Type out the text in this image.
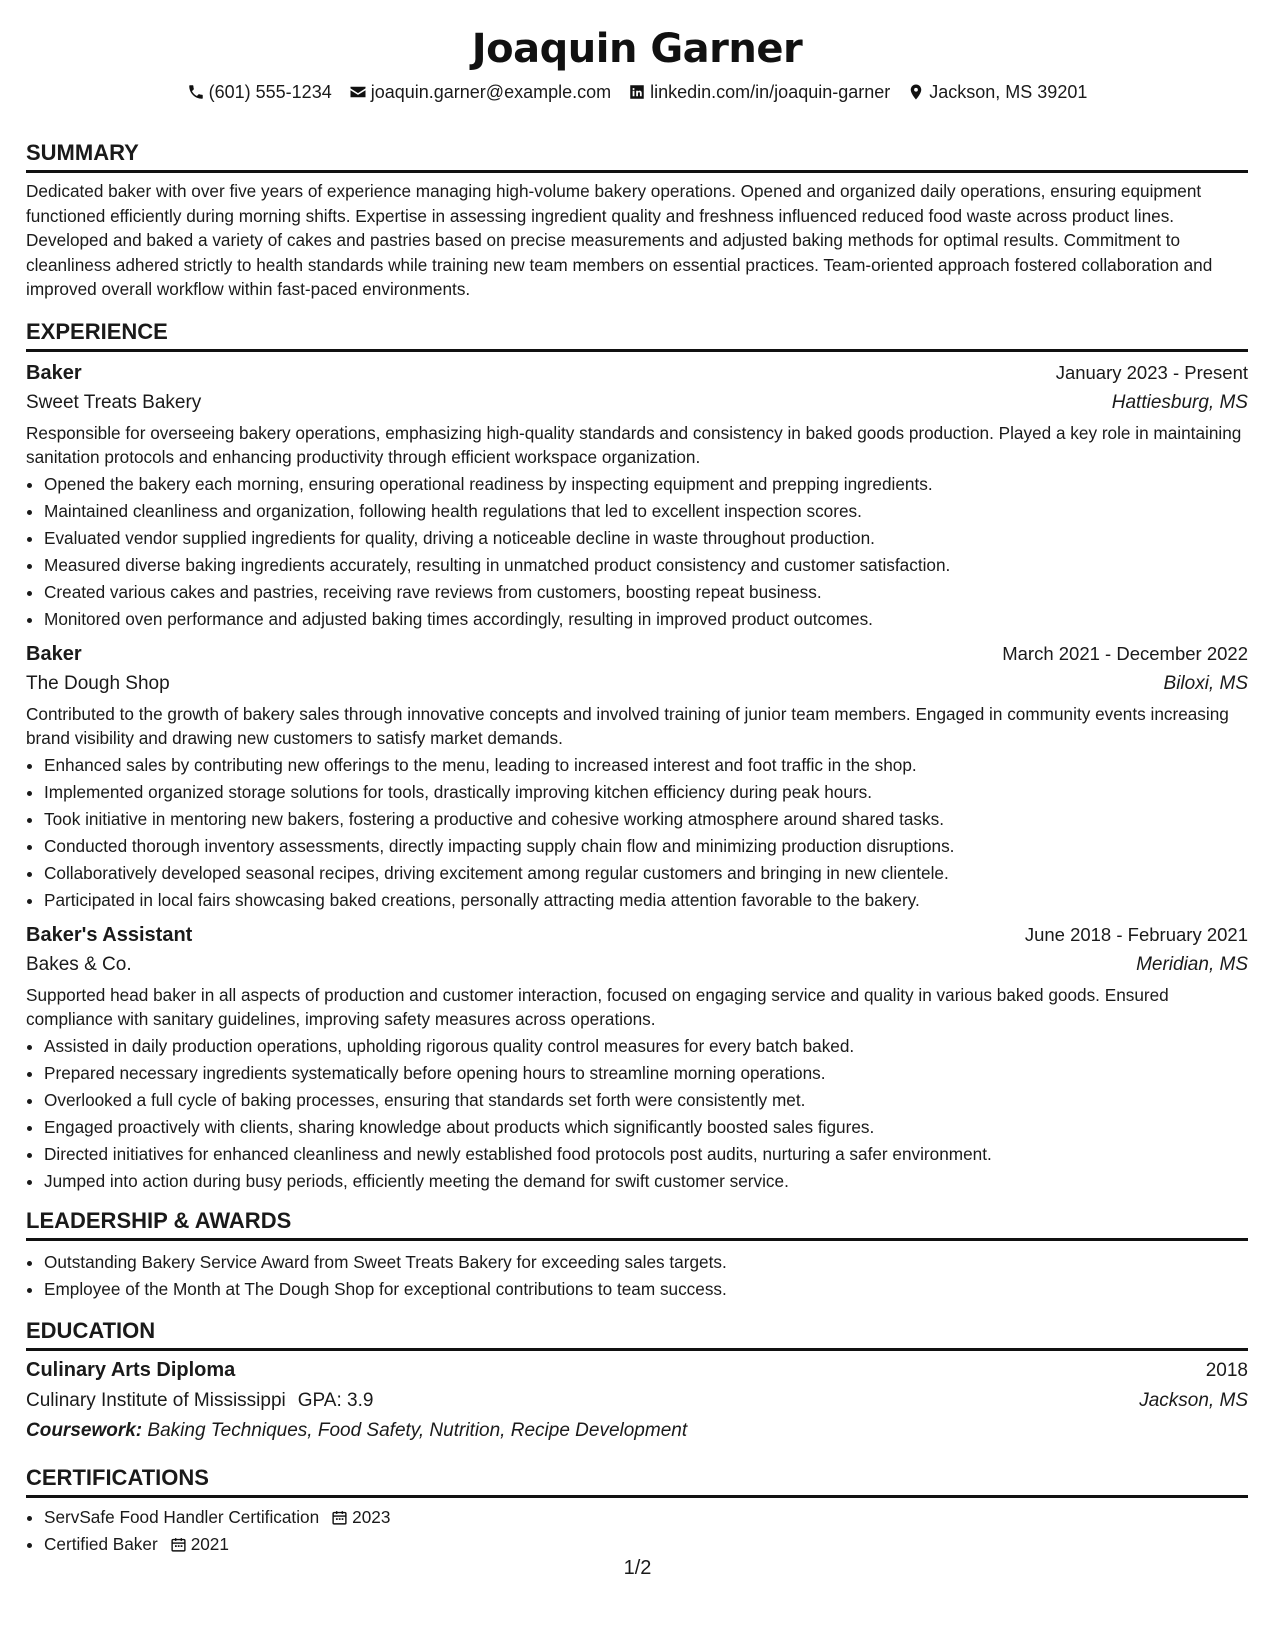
Joaquin Garner
(601) 555-1234 joaquin.garner@example.com linkedin.com/in/joaquin-garner Jackson, MS 39201
SUMMARY
Dedicated baker with over five years of experience managing high-volume bakery operations. Opened and organized daily operations, ensuring equipment functioned efficiently during morning shifts. Expertise in assessing ingredient quality and freshness influenced reduced food waste across product lines. Developed and baked a variety of cakes and pastries based on precise measurements and adjusted baking methods for optimal results. Commitment to cleanliness adhered strictly to health standards while training new team members on essential practices. Team-oriented approach fostered collaboration and improved overall workflow within fast-paced environments.
EXPERIENCE
Baker	January 2023 - Present
Sweet Treats Bakery	Hattiesburg, MS
Responsible for overseeing bakery operations, emphasizing high-quality standards and consistency in baked goods production. Played a key role in maintaining sanitation protocols and enhancing productivity through efficient workspace organization.
• Opened the bakery each morning, ensuring operational readiness by inspecting equipment and prepping ingredients.
• Maintained cleanliness and organization, following health regulations that led to excellent inspection scores.
• Evaluated vendor supplied ingredients for quality, driving a noticeable decline in waste throughout production.
• Measured diverse baking ingredients accurately, resulting in unmatched product consistency and customer satisfaction.
• Created various cakes and pastries, receiving rave reviews from customers, boosting repeat business.
• Monitored oven performance and adjusted baking times accordingly, resulting in improved product outcomes.
Baker	March 2021 - December 2022
The Dough Shop	Biloxi, MS
Contributed to the growth of bakery sales through innovative concepts and involved training of junior team members. Engaged in community events increasing brand visibility and drawing new customers to satisfy market demands.
• Enhanced sales by contributing new offerings to the menu, leading to increased interest and foot traffic in the shop.
• Implemented organized storage solutions for tools, drastically improving kitchen efficiency during peak hours.
• Took initiative in mentoring new bakers, fostering a productive and cohesive working atmosphere around shared tasks.
• Conducted thorough inventory assessments, directly impacting supply chain flow and minimizing production disruptions.
• Collaboratively developed seasonal recipes, driving excitement among regular customers and bringing in new clientele.
• Participated in local fairs showcasing baked creations, personally attracting media attention favorable to the bakery.
Baker's Assistant	June 2018 - February 2021
Bakes & Co.	Meridian, MS
Supported head baker in all aspects of production and customer interaction, focused on engaging service and quality in various baked goods. Ensured compliance with sanitary guidelines, improving safety measures across operations.
• Assisted in daily production operations, upholding rigorous quality control measures for every batch baked.
• Prepared necessary ingredients systematically before opening hours to streamline morning operations.
• Overlooked a full cycle of baking processes, ensuring that standards set forth were consistently met.
• Engaged proactively with clients, sharing knowledge about products which significantly boosted sales figures.
• Directed initiatives for enhanced cleanliness and newly established food protocols post audits, nurturing a safer environment.
• Jumped into action during busy periods, efficiently meeting the demand for swift customer service.
LEADERSHIP & AWARDS
• Outstanding Bakery Service Award from Sweet Treats Bakery for exceeding sales targets.
• Employee of the Month at The Dough Shop for exceptional contributions to team success.
EDUCATION
Culinary Arts Diploma	2018
Culinary Institute of Mississippi GPA: 3.9	Jackson, MS
Coursework: Baking Techniques, Food Safety, Nutrition, Recipe Development
CERTIFICATIONS
• ServSafe Food Handler Certification 2023
• Certified Baker 2021
1/2
